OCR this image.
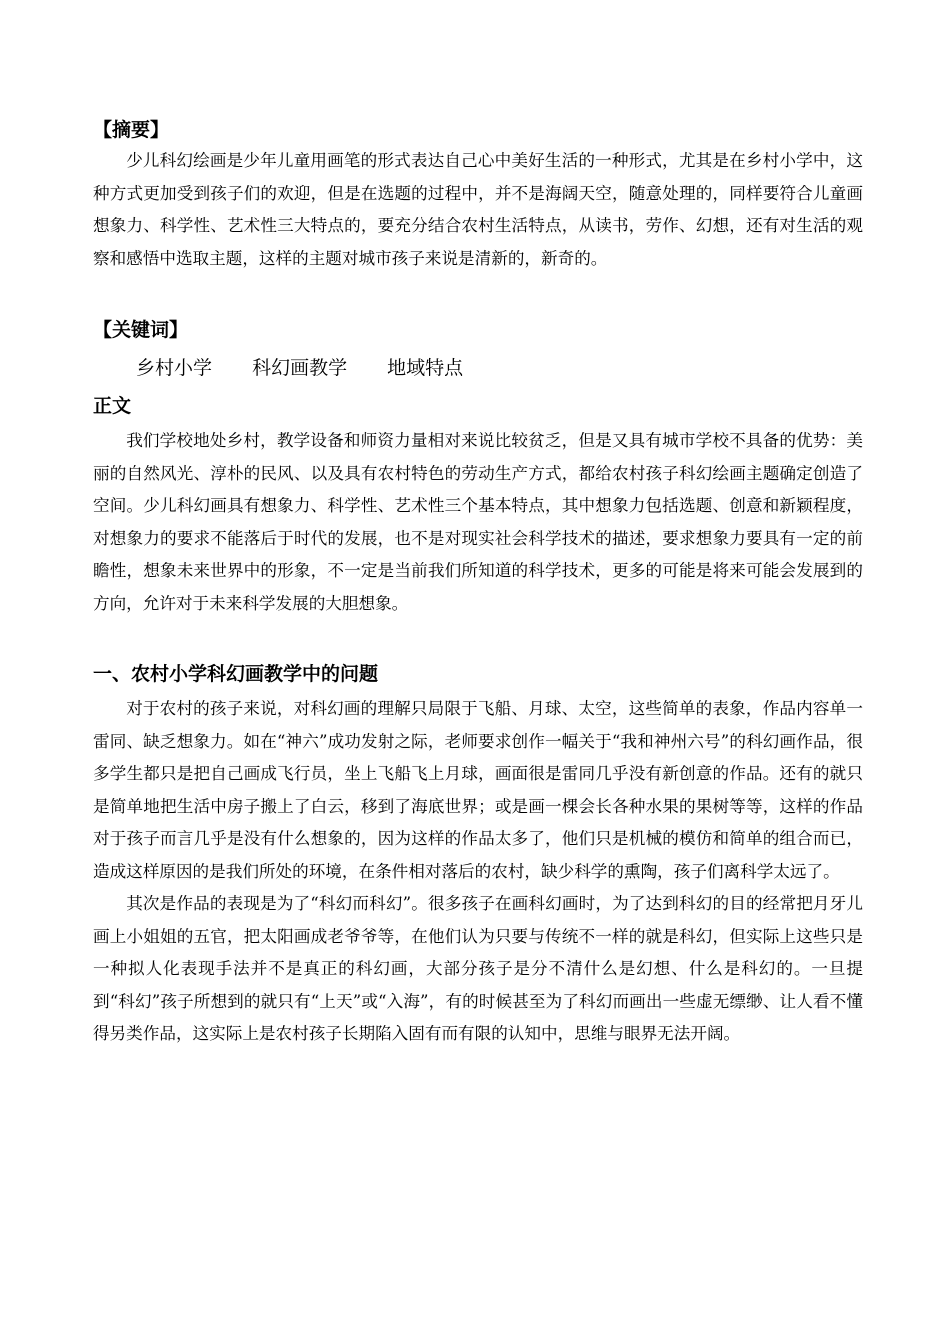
【摘要】

少儿科幻绘画是少年儿童用画笔的形式表达自己心中美好生活的一种形式，尤其是在乡村小学中，这种方式更加受到孩子们的欢迎，但是在选题的过程中，并不是海阔天空，随意处理的，同样要符合儿童画想象力、科学性、艺术性三大特点的，要充分结合农村生活特点，从读书，劳作、幻想，还有对生活的观察和感悟中选取主题，这样的主题对城市孩子来说是清新的，新奇的。

【关键词】

乡村小学 科幻画教学 地域特点

正文

我们学校地处乡村，教学设备和师资力量相对来说比较贫乏，但是又具有城市学校不具备的优势：美丽的自然风光、淳朴的民风、以及具有农村特色的劳动生产方式，都给农村孩子科幻绘画主题确定创造了空间。少儿科幻画具有想象力、科学性、艺术性三个基本特点，其中想象力包括选题、创意和新颖程度，对想象力的要求不能落后于时代的发展，也不是对现实社会科学技术的描述，要求想象力要具有一定的前瞻性，想象未来世界中的形象，不一定是当前我们所知道的科学技术，更多的可能是将来可能会发展到的方向，允许对于未来科学发展的大胆想象。

一、农村小学科幻画教学中的问题

对于农村的孩子来说，对科幻画的理解只局限于飞船、月球、太空，这些简单的表象，作品内容单一雷同、缺乏想象力。如在“神六”成功发射之际，老师要求创作一幅关于“我和神州六号”的科幻画作品，很多学生都只是把自己画成飞行员，坐上飞船飞上月球，画面很是雷同几乎没有新创意的作品。还有的就只是简单地把生活中房子搬上了白云，移到了海底世界；或是画一棵会长各种水果的果树等等，这样的作品对于孩子而言几乎是没有什么想象的，因为这样的作品太多了，他们只是机械的模仿和简单的组合而已，造成这样原因的是我们所处的环境，在条件相对落后的农村，缺少科学的熏陶，孩子们离科学太远了。

其次是作品的表现是为了“科幻而科幻”。很多孩子在画科幻画时，为了达到科幻的目的经常把月牙儿画上小姐姐的五官，把太阳画成老爷爷等，在他们认为只要与传统不一样的就是科幻，但实际上这些只是一种拟人化表现手法并不是真正的科幻画，大部分孩子是分不清什么是幻想、什么是科幻的。一旦提到“科幻”孩子所想到的就只有“上天”或“入海”，有的时候甚至为了科幻而画出一些虚无缥缈、让人看不懂得另类作品，这实际上是农村孩子长期陷入固有而有限的认知中，思维与眼界无法开阔。
